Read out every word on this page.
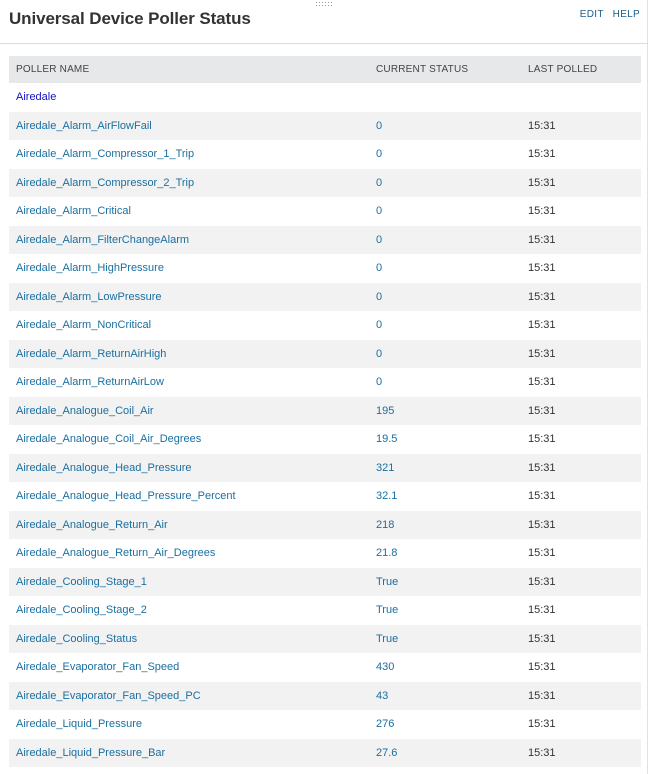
Universal Device Poller Status	EDIT HELP
POLLER NAME	CURRENT STATUS	LAST POLLED
Airedale		
Airedale_Alarm_AirFlowFail	0	15:31
Airedale_Alarm_Compressor_1_Trip	0	15:31
Airedale_Alarm_Compressor_2_Trip	0	15:31
Airedale_Alarm_Critical	0	15:31
Airedale_Alarm_FilterChangeAlarm	0	15:31
Airedale_Alarm_HighPressure	0	15:31
Airedale_Alarm_LowPressure	0	15:31
Airedale_Alarm_NonCritical	0	15:31
Airedale_Alarm_ReturnAirHigh	0	15:31
Airedale_Alarm_ReturnAirLow	0	15:31
Airedale_Analogue_Coil_Air	195	15:31
Airedale_Analogue_Coil_Air_Degrees	19.5	15:31
Airedale_Analogue_Head_Pressure	321	15:31
Airedale_Analogue_Head_Pressure_Percent	32.1	15:31
Airedale_Analogue_Return_Air	218	15:31
Airedale_Analogue_Return_Air_Degrees	21.8	15:31
Airedale_Cooling_Stage_1	True	15:31
Airedale_Cooling_Stage_2	True	15:31
Airedale_Cooling_Status	True	15:31
Airedale_Evaporator_Fan_Speed	430	15:31
Airedale_Evaporator_Fan_Speed_PC	43	15:31
Airedale_Liquid_Pressure	276	15:31
Airedale_Liquid_Pressure_Bar	27.6	15:31
